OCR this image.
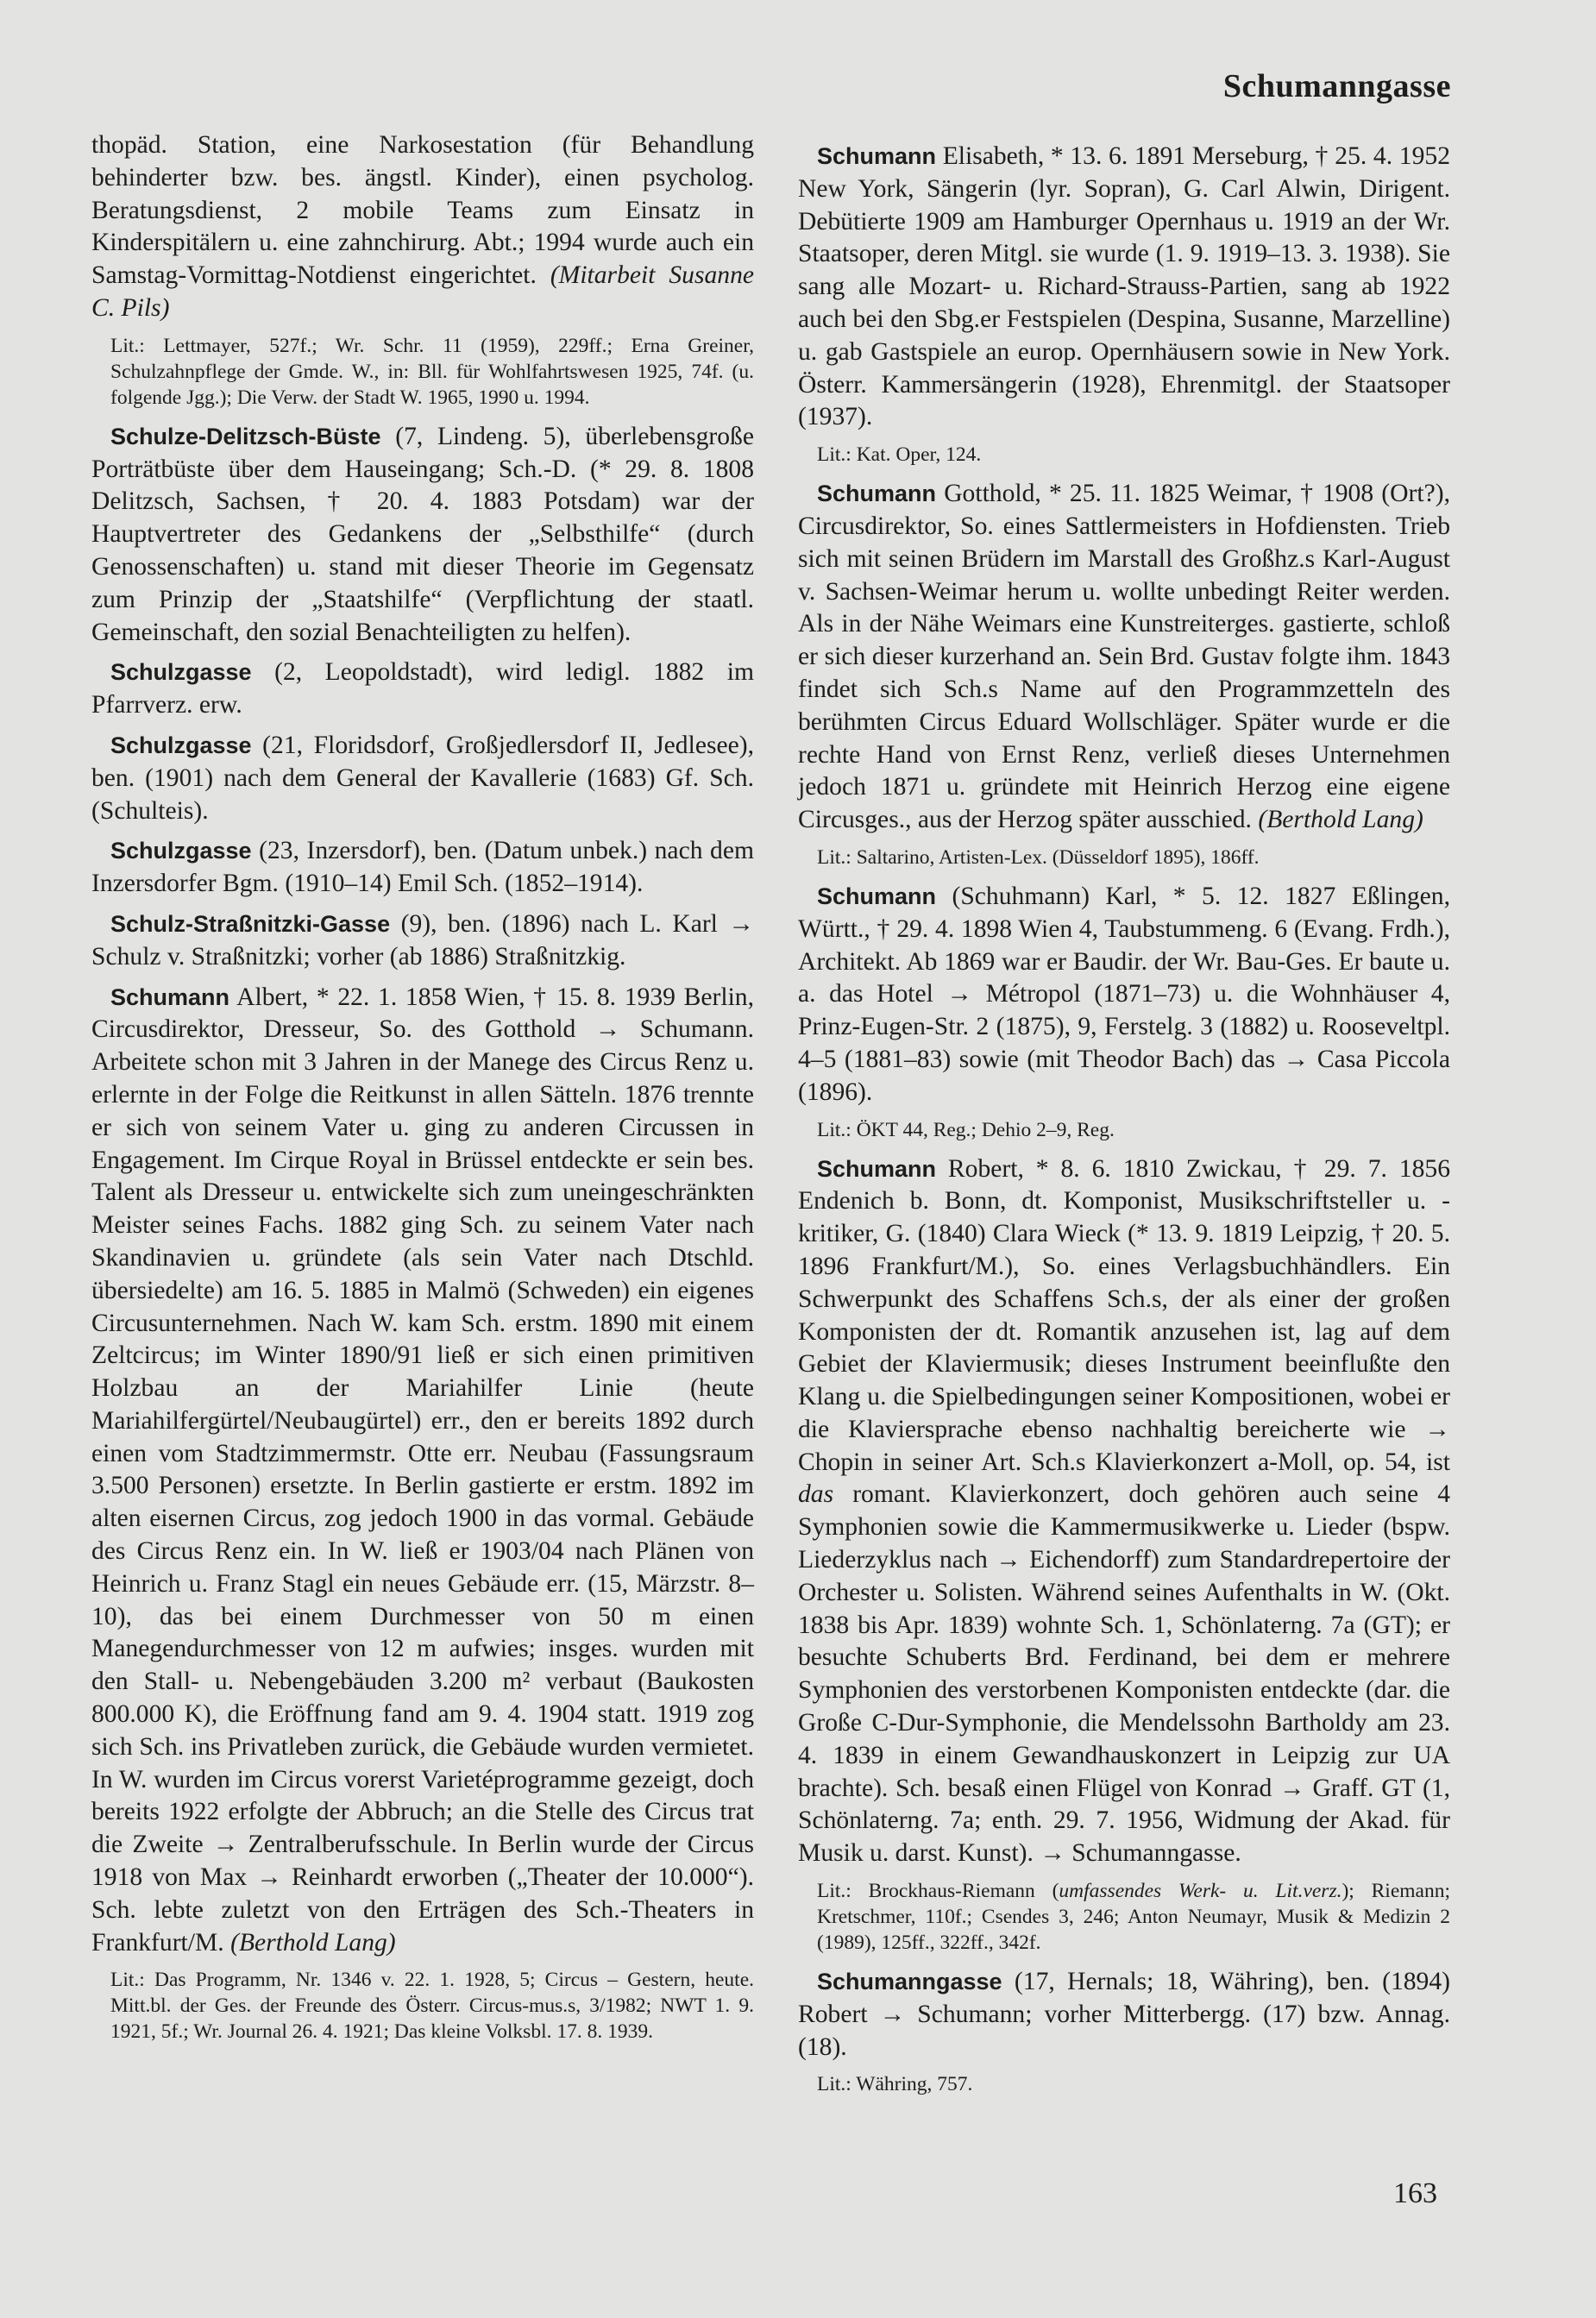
Schumanngasse

thopäd. Station, eine Narkosestation (für Behandlung behinderter bzw. bes. ängstl. Kinder), einen psycholog. Beratungsdienst, 2 mobile Teams zum Einsatz in Kinderspitälern u. eine zahnchirurg. Abt.; 1994 wurde auch ein Samstag-Vormittag-Notdienst eingerichtet. (Mitarbeit Susanne C. Pils)

Lit.: Lettmayer, 527f.; Wr. Schr. 11 (1959), 229ff.; Erna Greiner, Schulzahnpflege der Gmde. W., in: Bll. für Wohlfahrtswesen 1925, 74f. (u. folgende Jgg.); Die Verw. der Stadt W. 1965, 1990 u. 1994.

Schulze-Delitzsch-Büste (7, Lindeng. 5), überlebensgroße Porträtbüste über dem Hauseingang; Sch.-D. (* 29. 8. 1808 Delitzsch, Sachsen, † 20. 4. 1883 Potsdam) war der Hauptvertreter des Gedankens der „Selbsthilfe“ (durch Genossenschaften) u. stand mit dieser Theorie im Gegensatz zum Prinzip der „Staatshilfe“ (Verpflichtung der staatl. Gemeinschaft, den sozial Benachteiligten zu helfen).

Schulzgasse (2, Leopoldstadt), wird ledigl. 1882 im Pfarrverz. erw.

Schulzgasse (21, Floridsdorf, Großjedlersdorf II, Jedlesee), ben. (1901) nach dem General der Kavallerie (1683) Gf. Sch. (Schulteis).

Schulzgasse (23, Inzersdorf), ben. (Datum unbek.) nach dem Inzersdorfer Bgm. (1910–14) Emil Sch. (1852–1914).

Schulz-Straßnitzki-Gasse (9), ben. (1896) nach L. Karl → Schulz v. Straßnitzki; vorher (ab 1886) Straßnitzkig.

Schumann Albert, * 22. 1. 1858 Wien, † 15. 8. 1939 Berlin, Circusdirektor, Dresseur, So. des Gotthold → Schumann. Arbeitete schon mit 3 Jahren in der Manege des Circus Renz u. erlernte in der Folge die Reitkunst in allen Sätteln. 1876 trennte er sich von seinem Vater u. ging zu anderen Circussen in Engagement. Im Cirque Royal in Brüssel entdeckte er sein bes. Talent als Dresseur u. entwickelte sich zum uneingeschränkten Meister seines Fachs. 1882 ging Sch. zu seinem Vater nach Skandinavien u. gründete (als sein Vater nach Dtschld. übersiedelte) am 16. 5. 1885 in Malmö (Schweden) ein eigenes Circusunternehmen. Nach W. kam Sch. erstm. 1890 mit einem Zeltcircus; im Winter 1890/91 ließ er sich einen primitiven Holzbau an der Mariahilfer Linie (heute Mariahilfergürtel/Neubaugürtel) err., den er bereits 1892 durch einen vom Stadtzimmermstr. Otte err. Neubau (Fassungsraum 3.500 Personen) ersetzte. In Berlin gastierte er erstm. 1892 im alten eisernen Circus, zog jedoch 1900 in das vormal. Gebäude des Circus Renz ein. In W. ließ er 1903/04 nach Plänen von Heinrich u. Franz Stagl ein neues Gebäude err. (15, Märzstr. 8–10), das bei einem Durchmesser von 50 m einen Manegendurchmesser von 12 m aufwies; insges. wurden mit den Stall- u. Nebengebäuden 3.200 m² verbaut (Baukosten 800.000 K), die Eröffnung fand am 9. 4. 1904 statt. 1919 zog sich Sch. ins Privatleben zurück, die Gebäude wurden vermietet. In W. wurden im Circus vorerst Varietéprogramme gezeigt, doch bereits 1922 erfolgte der Abbruch; an die Stelle des Circus trat die Zweite → Zentralberufsschule. In Berlin wurde der Circus 1918 von Max → Reinhardt erworben („Theater der 10.000“). Sch. lebte zuletzt von den Erträgen des Sch.-Theaters in Frankfurt/M. (Berthold Lang)

Lit.: Das Programm, Nr. 1346 v. 22. 1. 1928, 5; Circus – Gestern, heute. Mitt.bl. der Ges. der Freunde des Österr. Circus-mus.s, 3/1982; NWT 1. 9. 1921, 5f.; Wr. Journal 26. 4. 1921; Das kleine Volksbl. 17. 8. 1939.

Schumann Elisabeth, * 13. 6. 1891 Merseburg, † 25. 4. 1952 New York, Sängerin (lyr. Sopran), G. Carl Alwin, Dirigent. Debütierte 1909 am Hamburger Opernhaus u. 1919 an der Wr. Staatsoper, deren Mitgl. sie wurde (1. 9. 1919–13. 3. 1938). Sie sang alle Mozart- u. Richard-Strauss-Partien, sang ab 1922 auch bei den Sbg.er Festspielen (Despina, Susanne, Marzelline) u. gab Gastspiele an europ. Opernhäusern sowie in New York. Österr. Kammersängerin (1928), Ehrenmitgl. der Staatsoper (1937).

Lit.: Kat. Oper, 124.

Schumann Gotthold, * 25. 11. 1825 Weimar, † 1908 (Ort?), Circusdirektor, So. eines Sattlermeisters in Hofdiensten. Trieb sich mit seinen Brüdern im Marstall des Großhz.s Karl-August v. Sachsen-Weimar herum u. wollte unbedingt Reiter werden. Als in der Nähe Weimars eine Kunstreiterges. gastierte, schloß er sich dieser kurzerhand an. Sein Brd. Gustav folgte ihm. 1843 findet sich Sch.s Name auf den Programmzetteln des berühmten Circus Eduard Wollschläger. Später wurde er die rechte Hand von Ernst Renz, verließ dieses Unternehmen jedoch 1871 u. gründete mit Heinrich Herzog eine eigene Circusges., aus der Herzog später ausschied. (Berthold Lang)

Lit.: Saltarino, Artisten-Lex. (Düsseldorf 1895), 186ff.

Schumann (Schuhmann) Karl, * 5. 12. 1827 Eßlingen, Württ., † 29. 4. 1898 Wien 4, Taubstummeng. 6 (Evang. Frdh.), Architekt. Ab 1869 war er Baudir. der Wr. Bau-Ges. Er baute u. a. das Hotel → Métropol (1871–73) u. die Wohnhäuser 4, Prinz-Eugen-Str. 2 (1875), 9, Ferstelg. 3 (1882) u. Rooseveltpl. 4–5 (1881–83) sowie (mit Theodor Bach) das → Casa Piccola (1896).

Lit.: ÖKT 44, Reg.; Dehio 2–9, Reg.

Schumann Robert, * 8. 6. 1810 Zwickau, † 29. 7. 1856 Endenich b. Bonn, dt. Komponist, Musikschriftsteller u. -kritiker, G. (1840) Clara Wieck (* 13. 9. 1819 Leipzig, † 20. 5. 1896 Frankfurt/M.), So. eines Verlagsbuchhändlers. Ein Schwerpunkt des Schaffens Sch.s, der als einer der großen Komponisten der dt. Romantik anzusehen ist, lag auf dem Gebiet der Klaviermusik; dieses Instrument beeinflußte den Klang u. die Spielbedingungen seiner Kompositionen, wobei er die Klaviersprache ebenso nachhaltig bereicherte wie → Chopin in seiner Art. Sch.s Klavierkonzert a-Moll, op. 54, ist das romant. Klavierkonzert, doch gehören auch seine 4 Symphonien sowie die Kammermusikwerke u. Lieder (bspw. Liederzyklus nach → Eichendorff) zum Standardrepertoire der Orchester u. Solisten. Während seines Aufenthalts in W. (Okt. 1838 bis Apr. 1839) wohnte Sch. 1, Schönlaterng. 7a (GT); er besuchte Schuberts Brd. Ferdinand, bei dem er mehrere Symphonien des verstorbenen Komponisten entdeckte (dar. die Große C-Dur-Symphonie, die Mendelssohn Bartholdy am 23. 4. 1839 in einem Gewandhauskonzert in Leipzig zur UA brachte). Sch. besaß einen Flügel von Konrad → Graff. GT (1, Schönlaterng. 7a; enth. 29. 7. 1956, Widmung der Akad. für Musik u. darst. Kunst). → Schumanngasse.

Lit.: Brockhaus-Riemann (umfassendes Werk- u. Lit.verz.); Riemann; Kretschmer, 110f.; Csendes 3, 246; Anton Neumayr, Musik & Medizin 2 (1989), 125ff., 322ff., 342f.

Schumanngasse (17, Hernals; 18, Währing), ben. (1894) Robert → Schumann; vorher Mitterbergg. (17) bzw. Annag. (18).

Lit.: Währing, 757.

163
